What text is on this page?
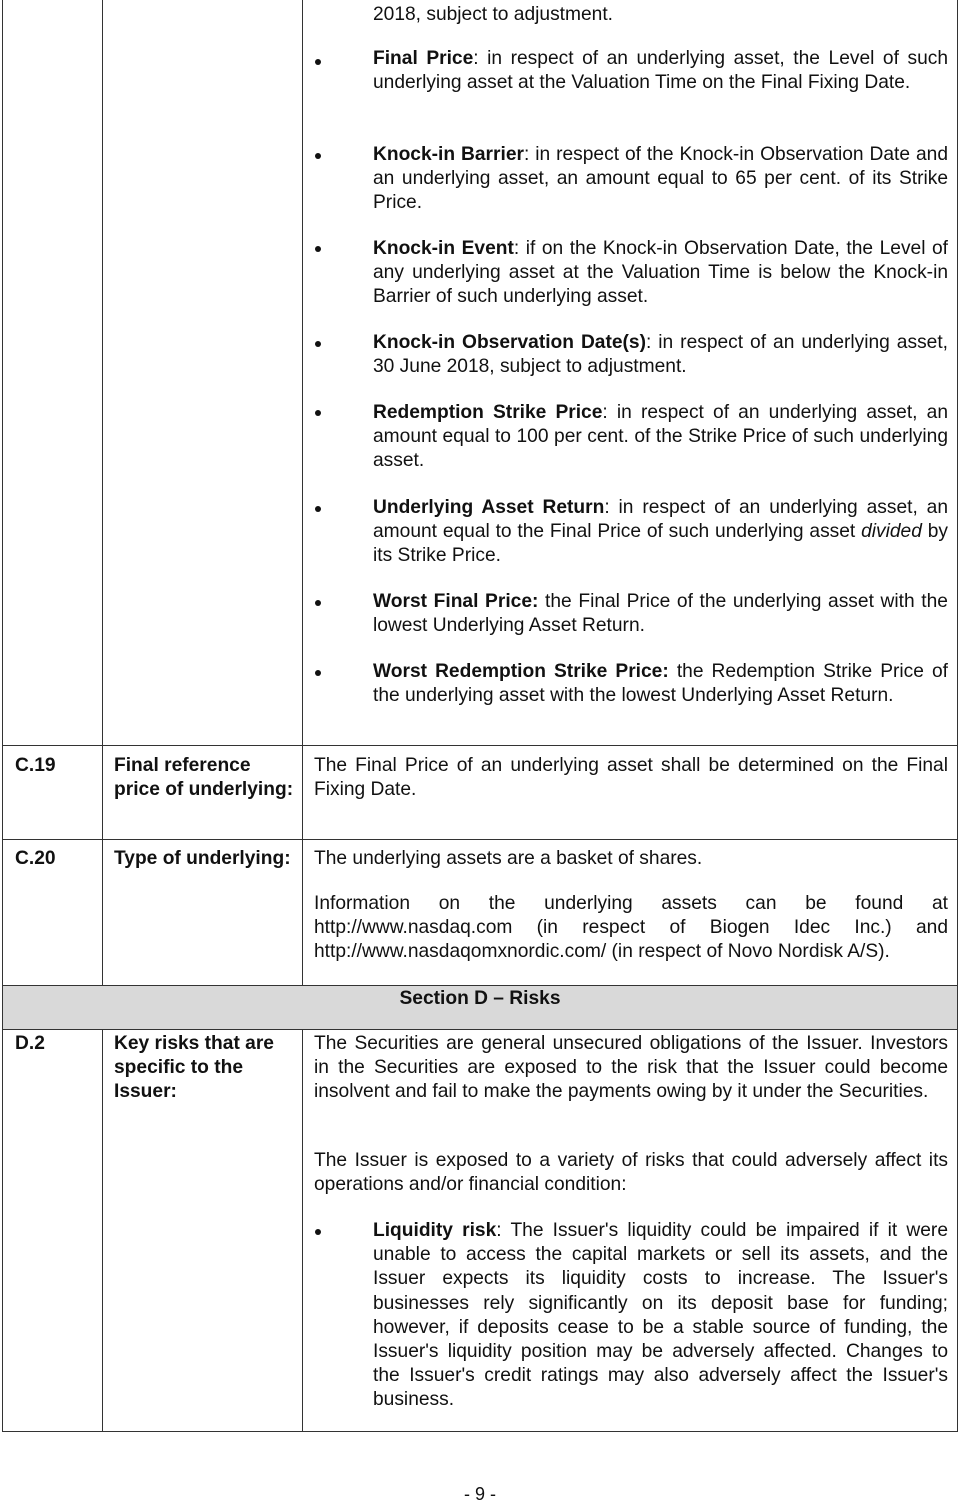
2018, subject to adjustment.
Final Price: in respect of an underlying asset, the Level of such underlying asset at the Valuation Time on the Final Fixing Date.
Knock-in Barrier: in respect of the Knock-in Observation Date and an underlying asset, an amount equal to 65 per cent. of its Strike Price.
Knock-in Event: if on the Knock-in Observation Date, the Level of any underlying asset at the Valuation Time is below the Knock-in Barrier of such underlying asset.
Knock-in Observation Date(s): in respect of an underlying asset, 30 June 2018, subject to adjustment.
Redemption Strike Price: in respect of an underlying asset, an amount equal to 100 per cent. of the Strike Price of such underlying asset.
Underlying Asset Return: in respect of an underlying asset, an amount equal to the Final Price of such underlying asset divided by its Strike Price.
Worst Final Price: the Final Price of the underlying asset with the lowest Underlying Asset Return.
Worst Redemption Strike Price: the Redemption Strike Price of the underlying asset with the lowest Underlying Asset Return.
C.19	Final reference price of underlying:
The Final Price of an underlying asset shall be determined on the Final Fixing Date.
C.20	Type of underlying: The underlying assets are a basket of shares.
Information on the underlying assets can be found at http://www.nasdaq.com (in respect of Biogen Idec Inc.) and http://www.nasdaqomxnordic.com/ (in respect of Novo Nordisk A/S).
Section D – Risks
D.2	Key risks that are specific to the Issuer:
The Securities are general unsecured obligations of the Issuer. Investors in the Securities are exposed to the risk that the Issuer could become insolvent and fail to make the payments owing by it under the Securities.
The Issuer is exposed to a variety of risks that could adversely affect its operations and/or financial condition:
Liquidity risk: The Issuer's liquidity could be impaired if it were unable to access the capital markets or sell its assets, and the Issuer expects its liquidity costs to increase. The Issuer's businesses rely significantly on its deposit base for funding; however, if deposits cease to be a stable source of funding, the Issuer's liquidity position may be adversely affected. Changes to the Issuer's credit ratings may also adversely affect the Issuer's business.
- 9 -
